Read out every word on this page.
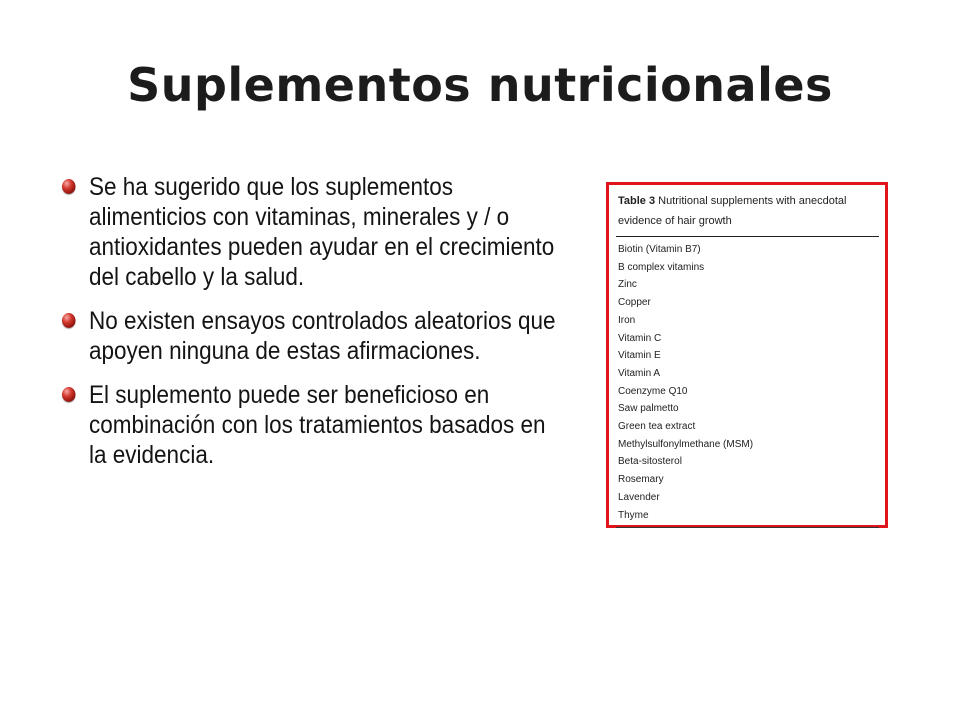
Suplementos nutricionales
Se ha sugerido que los suplementos alimenticios con vitaminas, minerales y / o antioxidantes pueden ayudar en el crecimiento del cabello y la salud.
No existen ensayos controlados aleatorios que apoyen ninguna de estas afirmaciones.
El suplemento puede ser beneficioso en combinación con los tratamientos basados en la evidencia.
Table 3 Nutritional supplements with anecdotal evidence of hair growth
Biotin (Vitamin B7)
B complex vitamins
Zinc
Copper
Iron
Vitamin C
Vitamin E
Vitamin A
Coenzyme Q10
Saw palmetto
Green tea extract
Methylsulfonylmethane (MSM)
Beta-sitosterol
Rosemary
Lavender
Thyme
